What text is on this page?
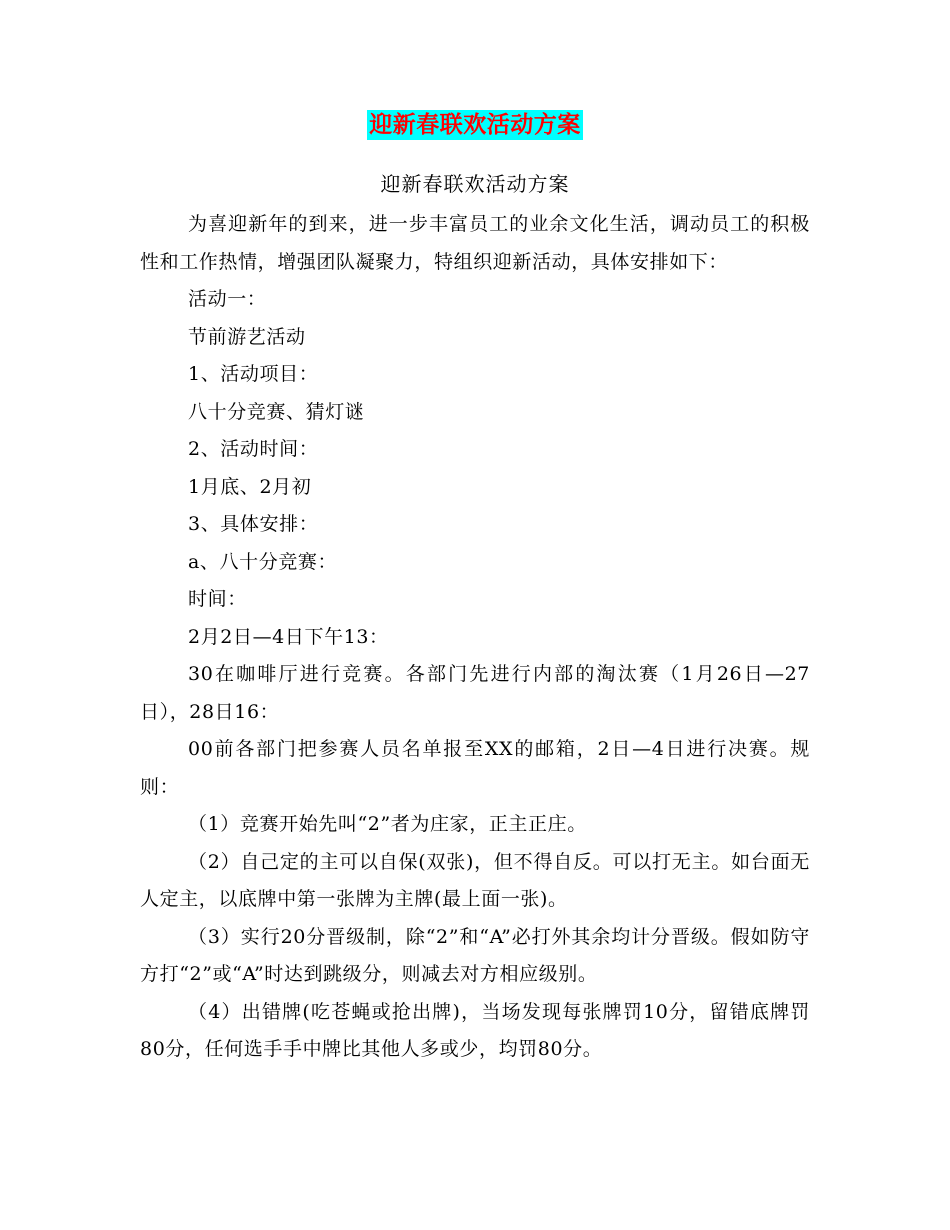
迎新春联欢活动方案
迎新春联欢活动方案

为喜迎新年的到来，进一步丰富员工的业余文化生活，调动员工的积极性和工作热情，增强团队凝聚力，特组织迎新活动，具体安排如下：

活动一：

节前游艺活动

1、活动项目：

八十分竞赛、猜灯谜

2、活动时间：

1月底、2月初

3、具体安排：

a、八十分竞赛：

时间：

2月2日—4日下午13：

30在咖啡厅进行竞赛。各部门先进行内部的淘汰赛（1月26日—27日），28日16：

00前各部门把参赛人员名单报至XX的邮箱，2日—4日进行决赛。规则：

（1）竞赛开始先叫“2”者为庄家，正主正庄。

（2）自己定的主可以自保(双张)，但不得自反。可以打无主。如台面无人定主，以底牌中第一张牌为主牌(最上面一张)。

（3）实行20分晋级制，除“2”和“A”必打外其余均计分晋级。假如防守方打“2”或“A”时达到跳级分，则减去对方相应级别。

（4）出错牌(吃苍蝇或抢出牌)，当场发现每张牌罚10分，留错底牌罚80分，任何选手手中牌比其他人多或少，均罚80分。
